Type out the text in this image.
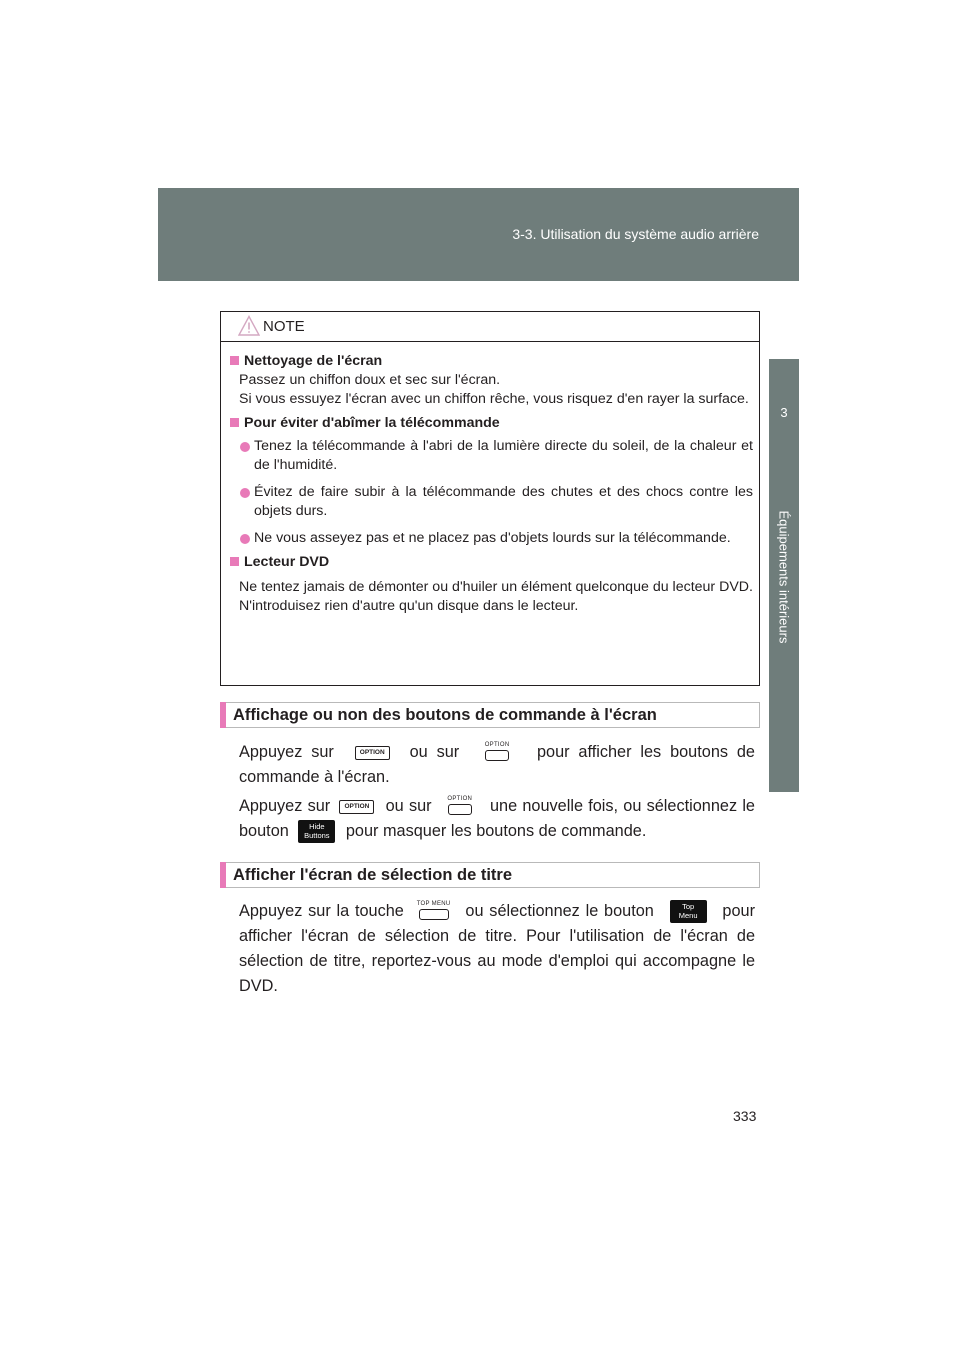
3-3. Utilisation du système audio arrière
3
Équipements intérieurs
NOTE
Nettoyage de l'écran
Passez un chiffon doux et sec sur l'écran.
Si vous essuyez l'écran avec un chiffon rêche, vous risquez d'en rayer la surface.
Pour éviter d'abîmer la télécommande
Tenez la télécommande à l'abri de la lumière directe du soleil, de la chaleur et de l'humidité.
Évitez de faire subir à la télécommande des chutes et des chocs contre les objets durs.
Ne vous asseyez pas et ne placez pas d'objets lourds sur la télécommande.
Lecteur DVD
Ne tentez jamais de démonter ou d'huiler un élément quelconque du lecteur DVD. N'introduisez rien d'autre qu'un disque dans le lecteur.
Affichage ou non des boutons de commande à l'écran
Appuyez sur	OPTION ou sur	OPTION pour afficher les boutons de commande à l'écran.
Appuyez sur OPTION ou sur	OPTION une nouvelle fois, ou sélectionnez le bouton	Hide
Buttons pour masquer les boutons de commande.
Afficher l'écran de sélection de titre
Appuyez sur la touche	TOP MENU ou sélectionnez le bouton	Top
Menu pour afficher l'écran de sélection de titre. Pour l'utilisation de l'écran de sélection de titre, reportez-vous au mode d'emploi qui accompagne le DVD.
333
